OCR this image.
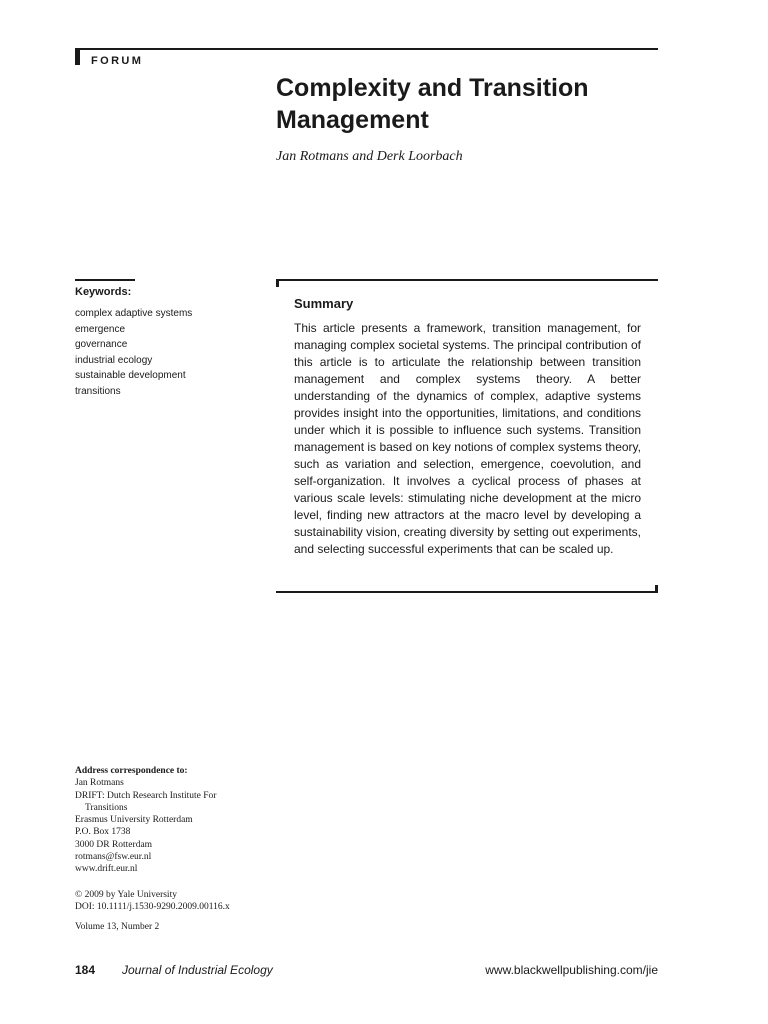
FORUM
Complexity and Transition
Management
Jan Rotmans and Derk Loorbach
Keywords:
complex adaptive systems
emergence
governance
industrial ecology
sustainable development
transitions
Summary

This article presents a framework, transition management, for managing complex societal systems. The principal contribution of this article is to articulate the relationship between transition management and complex systems theory. A better understanding of the dynamics of complex, adaptive systems provides insight into the opportunities, limitations, and conditions under which it is possible to influence such systems. Transition management is based on key notions of complex systems theory, such as variation and selection, emergence, coevolution, and self-organization. It involves a cyclical process of phases at various scale levels: stimulating niche development at the micro level, finding new attractors at the macro level by developing a sustainability vision, creating diversity by setting out experiments, and selecting successful experiments that can be scaled up.

Address correspondence to:
Jan Rotmans
DRIFT: Dutch Research Institute For
Transitions
Erasmus University Rotterdam
P.O. Box 1738
3000 DR Rotterdam
rotmans@fsw.eur.nl
www.drift.eur.nl
© 2009 by Yale University
DOI: 10.1111/j.1530-9290.2009.00116.x
Volume 13, Number 2
184 Journal of Industrial Ecology	www.blackwellpublishing.com/jie
